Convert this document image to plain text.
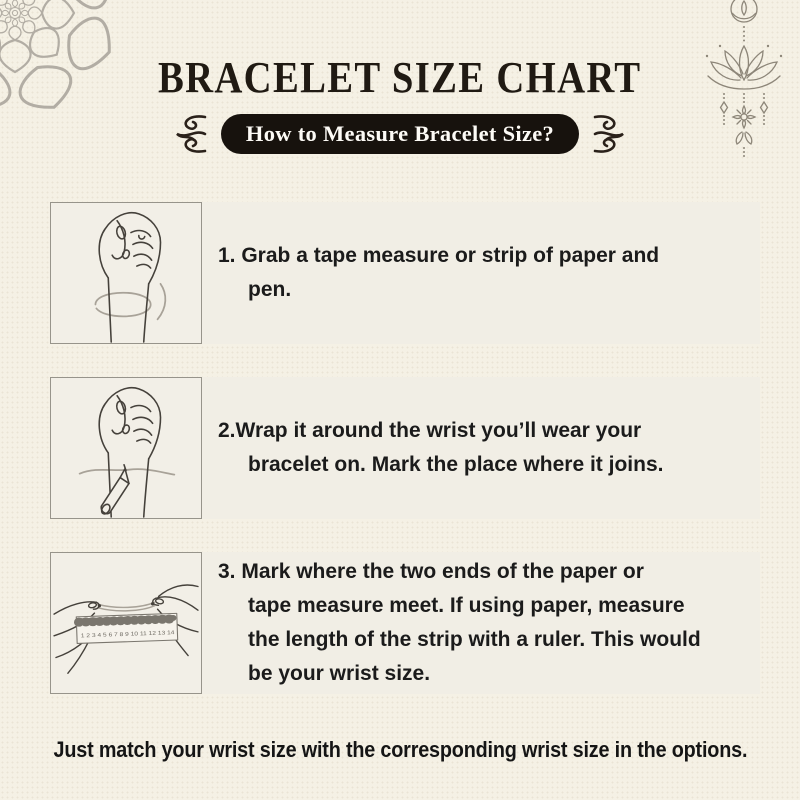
BRACELET SIZE CHART
How to Measure Bracelet Size?
1. Grab a tape measure or strip of paper and
pen.
2.Wrap it around the wrist you’ll wear your
bracelet on. Mark the place where it joins.
1 2 3 4 5 6 7 8 9 10 11 12 13 14
3. Mark where the two ends of the paper or
tape measure meet. If using paper, measure
the length of the strip with a ruler. This would
be your wrist size.
Just match your wrist size with the corresponding wrist size in the options.
